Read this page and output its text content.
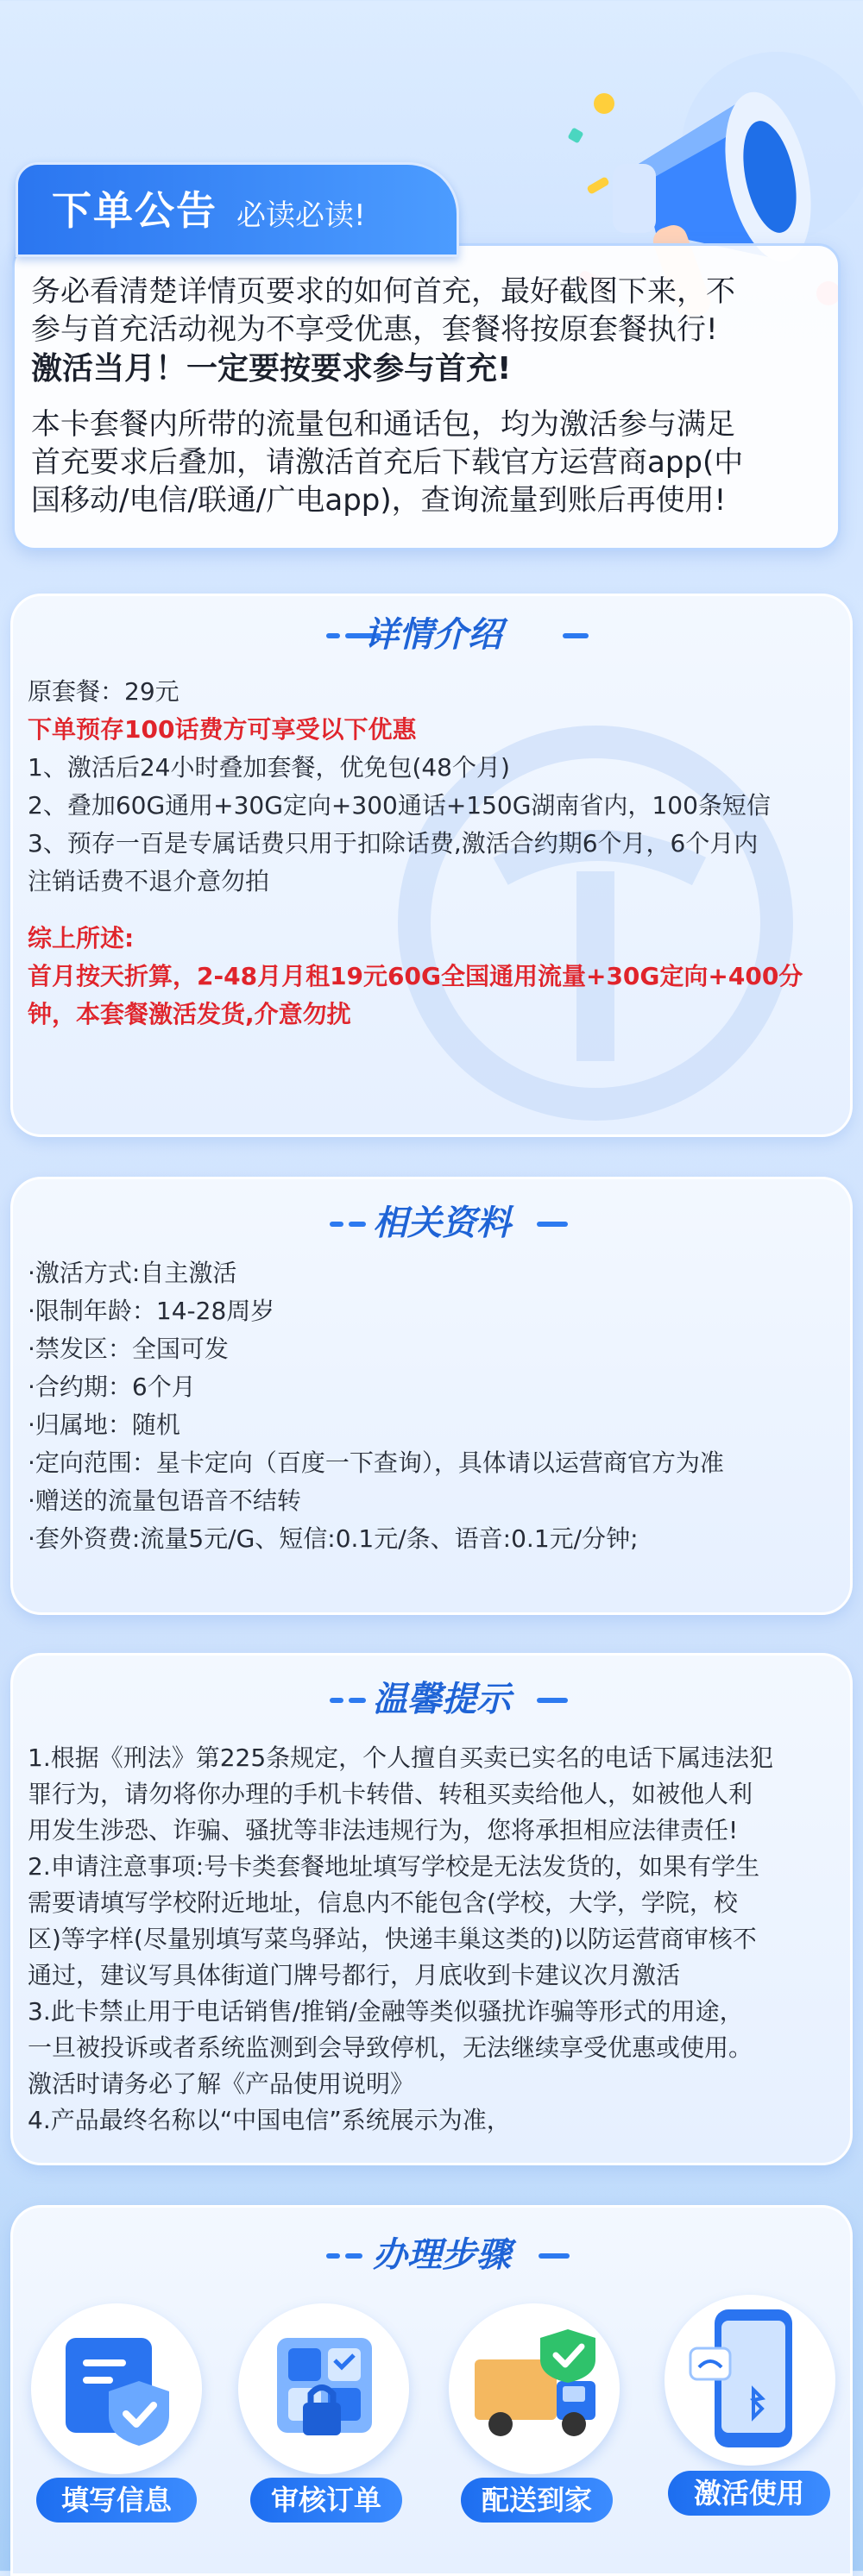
下单公告 必读必读!
务必看清楚详情页要求的如何首充，最好截图下来，不
参与首充活动视为不享受优惠，套餐将按原套餐执行!
激活当月！一定要按要求参与首充!
本卡套餐内所带的流量包和通话包，均为激活参与满足
首充要求后叠加，请激活首充后下载官方运营商app(中
国移动/电信/联通/广电app)，查询流量到账后再使用!
详情介绍
原套餐：29元
下单预存100话费方可享受以下优惠
1、激活后24小时叠加套餐，优免包(48个月)
2、叠加60G通用+30G定向+300通话+150G湖南省内，100条短信
3、预存一百是专属话费只用于扣除话费,激活合约期6个月，6个月内
注销话费不退介意勿拍
综上所述:
首月按天折算，2-48月月租19元60G全国通用流量+30G定向+400分
钟，本套餐激活发货,介意勿扰
相关资料
·激活方式:自主激活
·限制年龄：14-28周岁
·禁发区：全国可发
·合约期：6个月
·归属地：随机
·定向范围：星卡定向（百度一下查询），具体请以运营商官方为准
·赠送的流量包语音不结转
·套外资费:流量5元/G、短信:0.1元/条、语音:0.1元/分钟;
温馨提示
1.根据《刑法》第225条规定，个人擅自买卖已实名的电话下属违法犯
罪行为，请勿将你办理的手机卡转借、转租买卖给他人，如被他人利
用发生涉恐、诈骗、骚扰等非法违规行为，您将承担相应法律责任!
2.申请注意事项:号卡类套餐地址填写学校是无法发货的，如果有学生
需要请填写学校附近地址，信息内不能包含(学校，大学，学院，校
区)等字样(尽量别填写菜鸟驿站，快递丰巢这类的)以防运营商审核不
通过，建议写具体街道门牌号都行，月底收到卡建议次月激活
3.此卡禁止用于电话销售/推销/金融等类似骚扰诈骗等形式的用途，
一旦被投诉或者系统监测到会导致停机，无法继续享受优惠或使用。
激活时请务必了解《产品使用说明》
4.产品最终名称以“中国电信”系统展示为准，
办理步骤
填写信息	审核订单	配送到家	激活使用
